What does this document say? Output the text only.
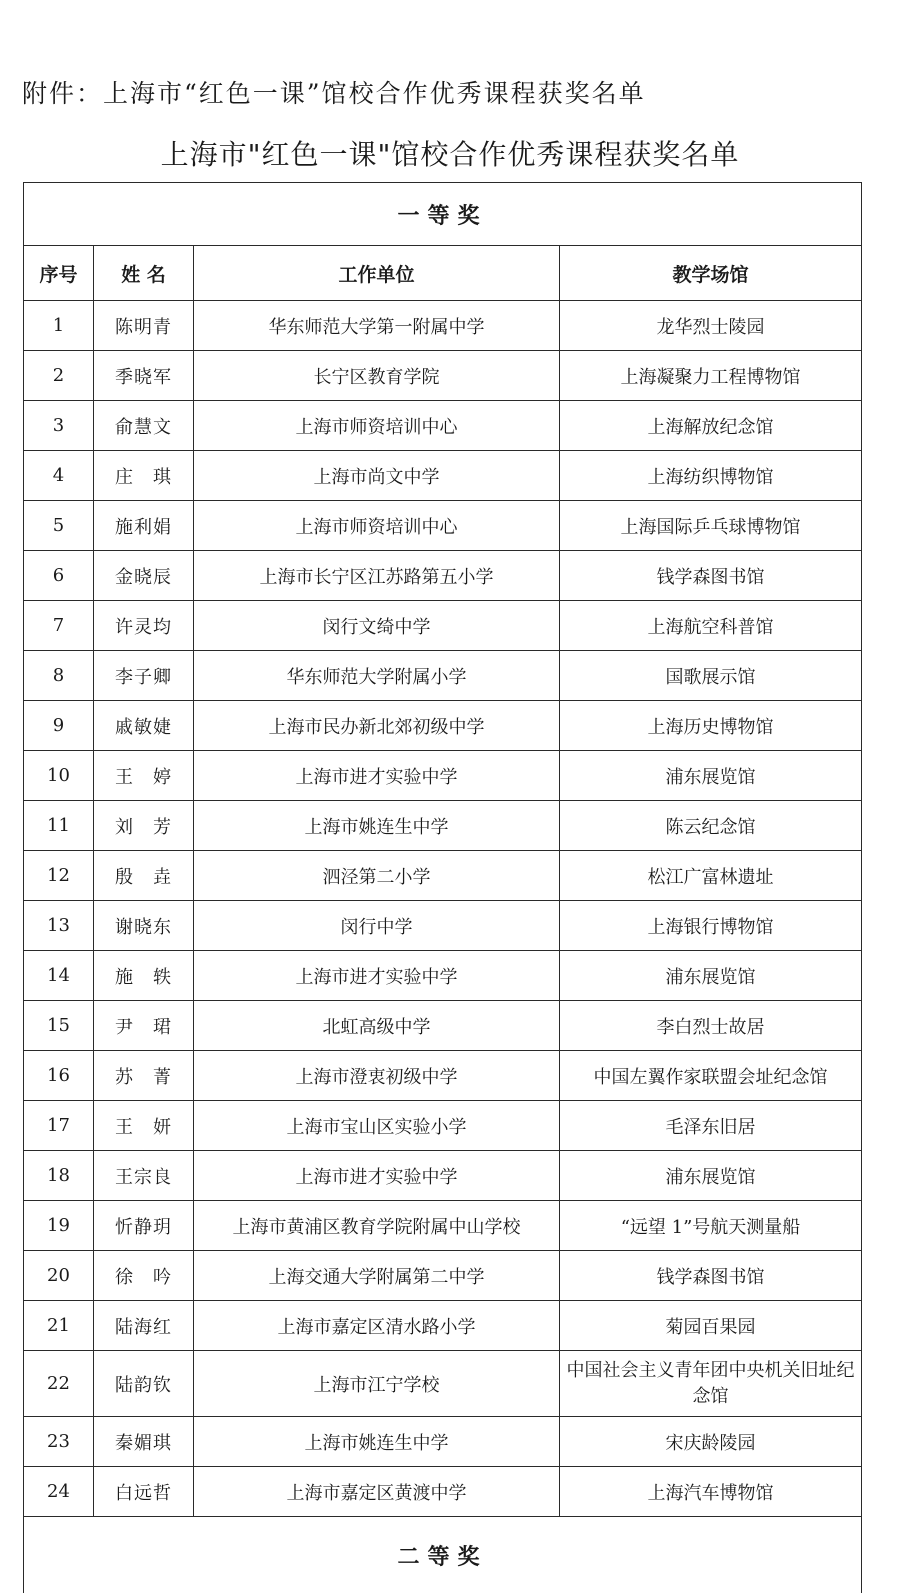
附件：上海市“红色一课”馆校合作优秀课程获奖名单
上海市"红色一课"馆校合作优秀课程获奖名单
一等奖			
序号	姓 名	工作单位	教学场馆
1	陈明青	华东师范大学第一附属中学	龙华烈士陵园
2	季晓军	长宁区教育学院	上海凝聚力工程博物馆
3	俞慧文	上海市师资培训中心	上海解放纪念馆
4	庄　琪	上海市尚文中学	上海纺织博物馆
5	施利娟	上海市师资培训中心	上海国际乒乓球博物馆
6	金晓辰	上海市长宁区江苏路第五小学	钱学森图书馆
7	许灵均	闵行文绮中学	上海航空科普馆
8	李子卿	华东师范大学附属小学	国歌展示馆
9	戚敏婕	上海市民办新北郊初级中学	上海历史博物馆
10	王　婷	上海市进才实验中学	浦东展览馆
11	刘　芳	上海市姚连生中学	陈云纪念馆
12	殷　垚	泗泾第二小学	松江广富林遗址
13	谢晓东	闵行中学	上海银行博物馆
14	施　轶	上海市进才实验中学	浦东展览馆
15	尹　珺	北虹高级中学	李白烈士故居
16	苏　菁	上海市澄衷初级中学	中国左翼作家联盟会址纪念馆
17	王　妍	上海市宝山区实验小学	毛泽东旧居
18	王宗良	上海市进才实验中学	浦东展览馆
19	忻静玥	上海市黄浦区教育学院附属中山学校	“远望 1”号航天测量船
20	徐　吟	上海交通大学附属第二中学	钱学森图书馆
21	陆海红	上海市嘉定区清水路小学	菊园百果园
22	陆韵钦	上海市江宁学校	中国社会主义青年团中央机关旧址纪念馆
23	秦媚琪	上海市姚连生中学	宋庆龄陵园
24	白远哲	上海市嘉定区黄渡中学	上海汽车博物馆
二等奖			
